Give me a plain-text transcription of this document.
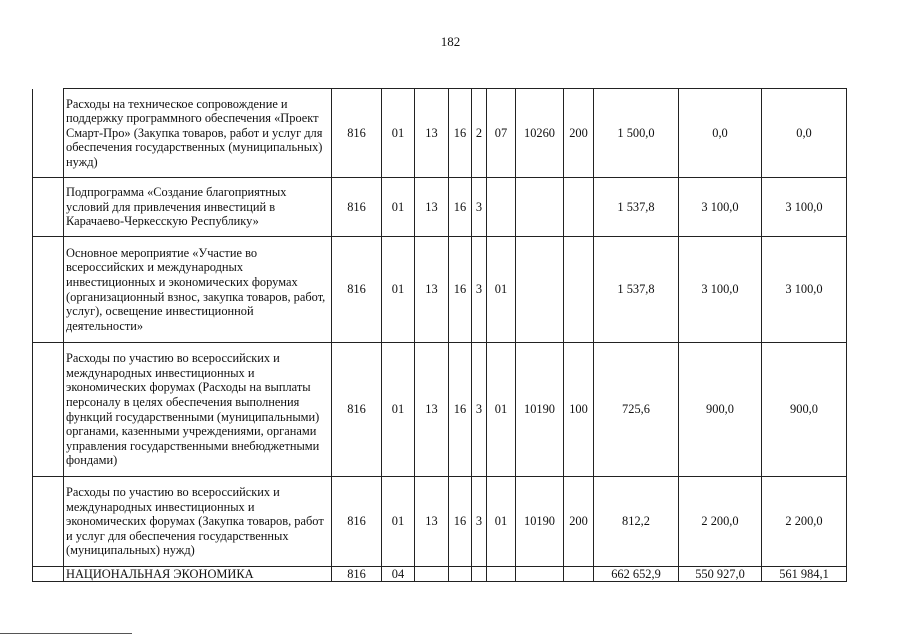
182
	Расходы на техническое сопровождение и поддержку программного обеспечения «Проект Смарт-Про» (Закупка товаров, работ и услуг для обеспечения государственных (муниципальных) нужд)	816	01	13	16	2	07	10260	200	1 500,0	0,0	0,0
	Подпрограмма «Создание благоприятных условий для привлечения инвестиций в Карачаево-Черкесскую Республику»	816	01	13	16	3				1 537,8	3 100,0	3 100,0
	Основное мероприятие «Участие во всероссийских и международных инвестиционных и экономических форумах (организационный взнос, закупка товаров, работ, услуг), освещение инвестиционной деятельности»	816	01	13	16	3	01			1 537,8	3 100,0	3 100,0
	Расходы по участию во всероссийских и международных инвестиционных и экономических форумах (Расходы на выплаты персоналу в целях обеспечения выполнения функций государственными (муниципальными) органами, казенными учреждениями, органами управления государственными внебюджетными фондами)	816	01	13	16	3	01	10190	100	725,6	900,0	900,0
	Расходы по участию во всероссийских и международных инвестиционных и экономических форумах (Закупка товаров, работ и услуг для обеспечения государственных (муниципальных) нужд)	816	01	13	16	3	01	10190	200	812,2	2 200,0	2 200,0
	НАЦИОНАЛЬНАЯ ЭКОНОМИКА	816	04							662 652,9	550 927,0	561 984,1
